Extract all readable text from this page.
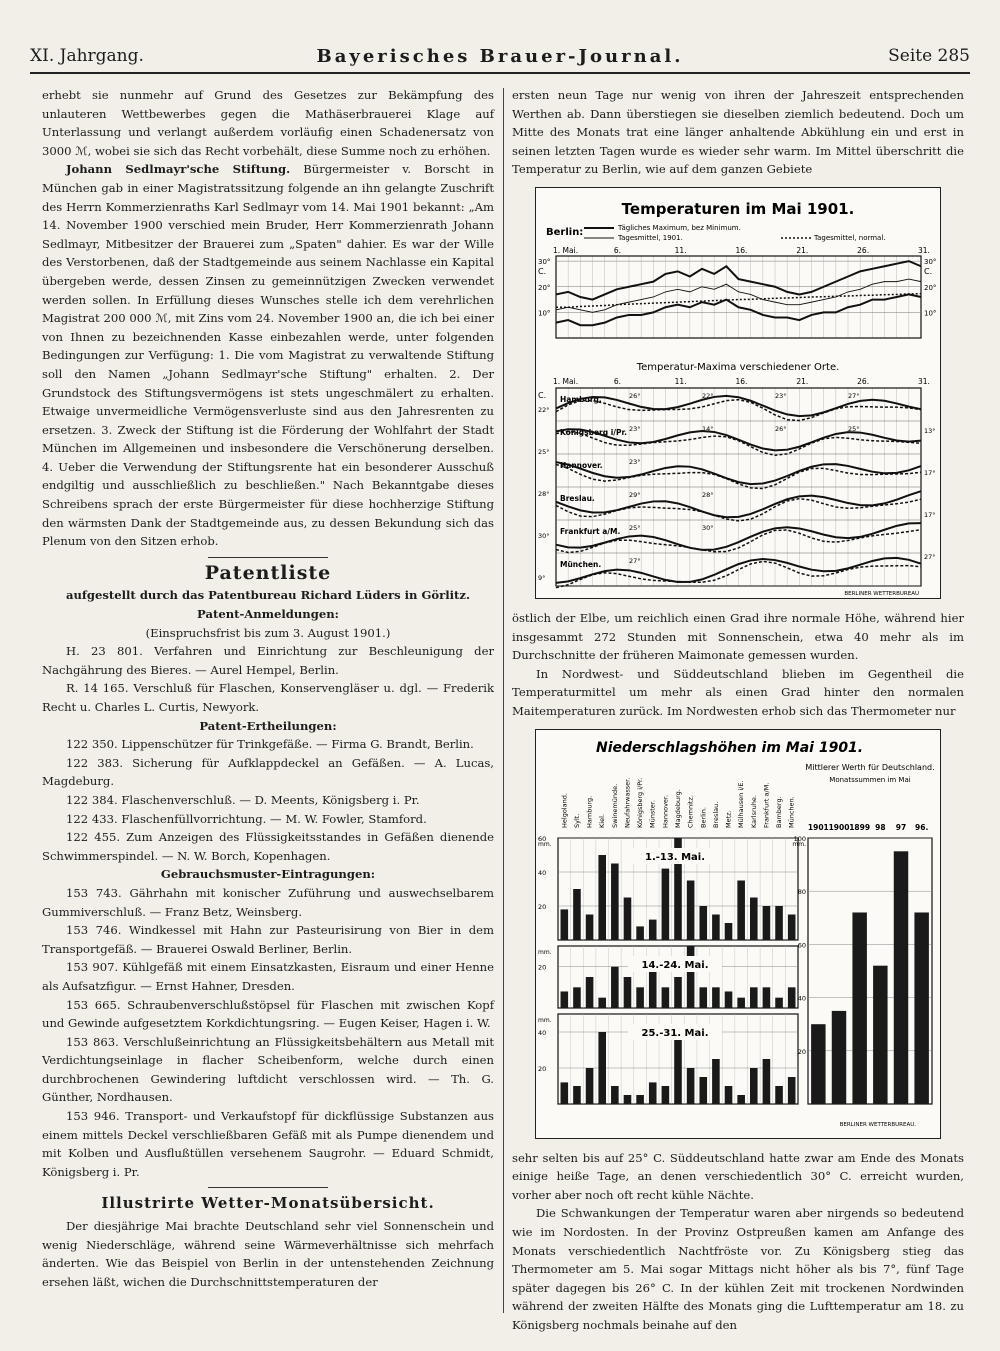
XI. Jahrgang.	Bayerisches Brauer-Journal.	Seite 285

erhebt sie nunmehr auf Grund des Gesetzes zur Bekämpfung des unlauteren Wettbewerbes gegen die Mathäserbrauerei Klage auf Unterlassung und verlangt außerdem vorläufig einen Schadenersatz von 3000 ℳ, wobei sie sich das Recht vorbehält, diese Summe noch zu erhöhen.

Johann Sedlmayr'sche Stiftung. Bürgermeister v. Borscht in München gab in einer Magistratssitzung folgende an ihn gelangte Zuschrift des Herrn Kommerzienraths Karl Sedlmayr vom 14. Mai 1901 bekannt: „Am 14. November 1900 verschied mein Bruder, Herr Kommerzienrath Johann Sedlmayr, Mitbesitzer der Brauerei zum „Spaten" dahier. Es war der Wille des Verstorbenen, daß der Stadtgemeinde aus seinem Nachlasse ein Kapital übergeben werde, dessen Zinsen zu gemeinnützigen Zwecken verwendet werden sollen. In Erfüllung dieses Wunsches stelle ich dem verehrlichen Magistrat 200 000 ℳ, mit Zins vom 24. November 1900 an, die ich bei einer von Ihnen zu bezeichnenden Kasse einbezahlen werde, unter folgenden Bedingungen zur Verfügung: 1. Die vom Magistrat zu verwaltende Stiftung soll den Namen „Johann Sedlmayr'sche Stiftung" erhalten. 2. Der Grundstock des Stiftungsvermögens ist stets ungeschmälert zu erhalten. Etwaige unvermeidliche Vermögensverluste sind aus den Jahresrenten zu ersetzen. 3. Zweck der Stiftung ist die Förderung der Wohlfahrt der Stadt München im Allgemeinen und insbesondere die Verschönerung derselben. 4. Ueber die Verwendung der Stiftungsrente hat ein besonderer Ausschuß endgiltig und ausschließlich zu beschließen." Nach Bekanntgabe dieses Schreibens sprach der erste Bürgermeister für diese hochherzige Stiftung den wärmsten Dank der Stadtgemeinde aus, zu dessen Bekundung sich das Plenum von den Sitzen erhob.

Patentliste

aufgestellt durch das Patentbureau Richard Lüders in Görlitz.

Patent-Anmeldungen:

(Einspruchsfrist bis zum 3. August 1901.)

H. 23 801. Verfahren und Einrichtung zur Beschleunigung der Nachgährung des Bieres. — Aurel Hempel, Berlin.

R. 14 165. Verschluß für Flaschen, Konservengläser u. dgl. — Frederik Recht u. Charles L. Curtis, Newyork.

Patent-Ertheilungen:

122 350. Lippenschützer für Trinkgefäße. — Firma G. Brandt, Berlin.

122 383. Sicherung für Aufklappdeckel an Gefäßen. — A. Lucas, Magdeburg.

122 384. Flaschenverschluß. — D. Meents, Königsberg i. Pr.

122 433. Flaschenfüllvorrichtung. — M. W. Fowler, Stamford.

122 455. Zum Anzeigen des Flüssigkeitsstandes in Gefäßen dienende Schwimmerspindel. — N. W. Borch, Kopenhagen.

Gebrauchsmuster-Eintragungen:

153 743. Gährhahn mit konischer Zuführung und auswechselbarem Gummiverschluß. — Franz Betz, Weinsberg.

153 746. Windkessel mit Hahn zur Pasteurisirung von Bier in dem Transportgefäß. — Brauerei Oswald Berliner, Berlin.

153 907. Kühlgefäß mit einem Einsatzkasten, Eisraum und einer Henne als Aufsatzfigur. — Ernst Hahner, Dresden.

153 665. Schraubenverschlußstöpsel für Flaschen mit zwischen Kopf und Gewinde aufgesetztem Korkdichtungsring. — Eugen Keiser, Hagen i. W.

153 863. Verschlußeinrichtung an Flüssigkeitsbehältern aus Metall mit Verdichtungseinlage in flacher Scheibenform, welche durch einen durchbrochenen Gewindering luftdicht verschlossen wird. — Th. G. Günther, Nordhausen.

153 946. Transport- und Verkaufstopf für dickflüssige Substanzen aus einem mittels Deckel verschließbaren Gefäß mit als Pumpe dienendem und mit Kolben und Ausflußtüllen versehenem Saugrohr. — Eduard Schmidt, Königsberg i. Pr.

Illustrirte Wetter-Monatsübersicht.

Der diesjährige Mai brachte Deutschland sehr viel Sonnenschein und wenig Niederschläge, während seine Wärmeverhältnisse sich mehrfach änderten. Wie das Beispiel von Berlin in der untenstehenden Zeichnung ersehen läßt, wichen die Durchschnittstemperaturen der

ersten neun Tage nur wenig von ihren der Jahreszeit entsprechenden Werthen ab. Dann überstiegen sie dieselben ziemlich bedeutend. Doch um Mitte des Monats trat eine länger anhaltende Abkühlung ein und erst in seinen letzten Tagen wurde es wieder sehr warm. Im Mittel überschritt die Temperatur zu Berlin, wie auf dem ganzen Gebiete

Temperaturen im Mai 1901.
Berlin:	Tägliches Maximum, bez Minimum.
Tagesmittel, 1901.	Tagesmittel, normal.
30°	30°
20°	20°
10°	10°
C.	C.
1. Mai.	6.	11.	16.	21.	26.	31.
Temperatur-Maxima verschiedener Orte.
1. Mai.	6.	11.	16.	21.	26.	31.
C. Hamburg.	26°	22°	23°	27°
Königsberg i/Pr. 23°	14°	26°	25°
Hannover.	23°
Breslau.	29°	28°
Frankfurt a/M. 25°	30°
München.	27°
22°
13°
25°
17°
28°
17°
30°
27°
9°
BERLINER WETTERBUREAU

östlich der Elbe, um reichlich einen Grad ihre normale Höhe, während hier insgesammt 272 Stunden mit Sonnenschein, etwa 40 mehr als im Durchschnitte der früheren Maimonate gemessen wurden.

In Nordwest- und Süddeutschland blieben im Gegentheil die Temperaturmittel um mehr als einen Grad hinter den normalen Maitemperaturen zurück. Im Nordwesten erhob sich das Thermometer nur

Niederschlagshöhen im Mai 1901.
Helgoland. Sylt. Hamburg. Kiel. Swinemünde. Neufahrwasser. Königsberg i/Pr. Münster. Hannover. Magdeburg. Chemnitz. Berlin. Breslau. Metz. Mülhausen i/E. Karlsruhe. Frankfurt a/M. Bamberg. München.
60
40
20
mm.
1.-13. Mai.
20
mm.
14.-24. Mai.
40
20
mm.
25.-31. Mai.
Mittlerer Werth für Deutschland.
Monatssummen im Mai
1901 1900 1899 98 97 96.
100
80
60
40
20
mm.
BERLINER WETTERBUREAU.

sehr selten bis auf 25° C. Süddeutschland hatte zwar am Ende des Monats einige heiße Tage, an denen verschiedentlich 30° C. erreicht wurden, vorher aber noch oft recht kühle Nächte.

Die Schwankungen der Temperatur waren aber nirgends so bedeutend wie im Nordosten. In der Provinz Ostpreußen kamen am Anfange des Monats verschiedentlich Nachtfröste vor. Zu Königsberg stieg das Thermometer am 5. Mai sogar Mittags nicht höher als bis 7°, fünf Tage später dagegen bis 26° C. In der kühlen Zeit mit trockenen Nordwinden während der zweiten Hälfte des Monats ging die Lufttemperatur am 18. zu Königsberg nochmals beinahe auf den
